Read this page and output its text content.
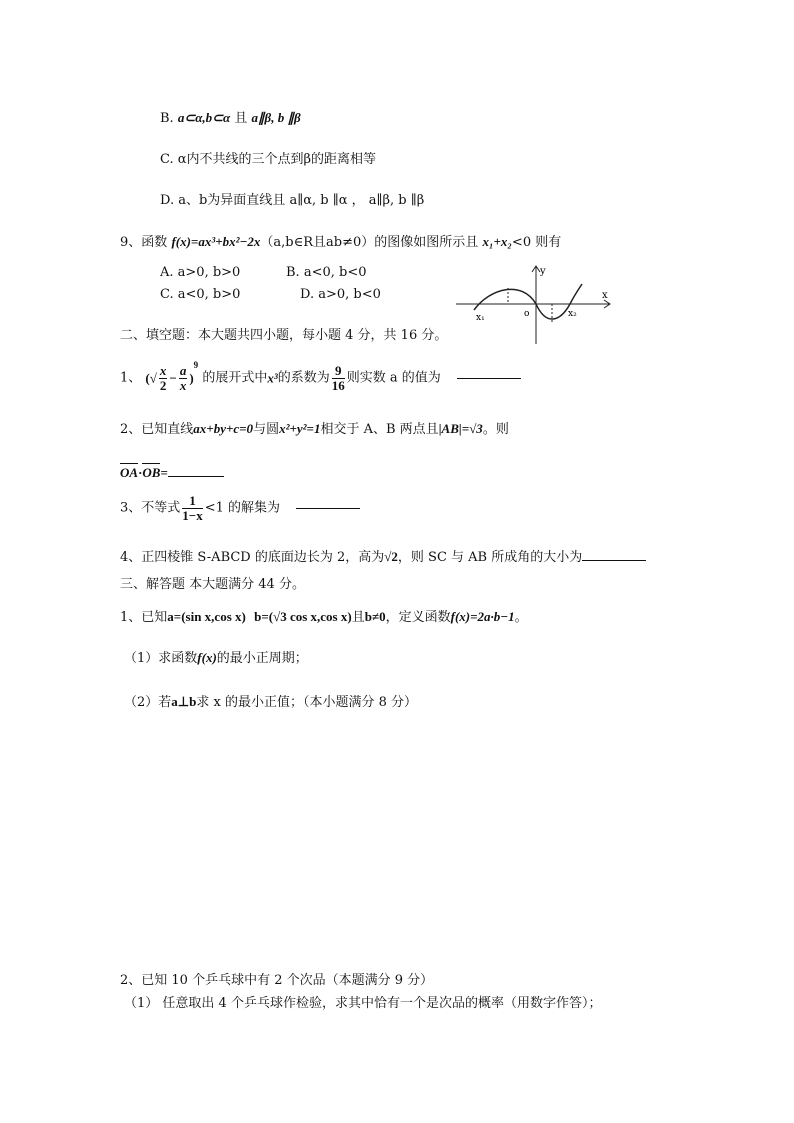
B. a⊂α,b⊂α 且 a∥β, b ∥β
C. α内不共线的三个点到β的距离相等
D. a、b为异面直线且 a∥α, b ∥α ， a∥β, b ∥β
9、函数 f(x)=ax³+bx²−2x（a,b∈R且ab≠0）的图像如图所示且 x₁+x₂<0 则有
A. a>0, b>0	B. a<0, b<0
C. a<0, b>0	D. a>0, b<0
y
x
o
x₁	x₂
二、填空题：本大题共四小题，每小题 4 分，共 16 分。
1、 (√ $\frac{x}{2} - \frac{a}{x} )^9$ 的展开式中x³的系数为 $\frac{9}{16}$ 则实数 a 的值为
2、已知直线ax+by+c=0与圆x²+y²=1相交于 A、B 两点且|AB|=√3。则
OA·OB=
3、不等式 $\frac{1}{1-x} <1$ 的解集为
4、正四棱锥 S-ABCD 的底面边长为 2，高为√2，则 SC 与 AB 所成角的大小为
三、解答题 本大题满分 44 分。
1、已知a=(sin x,cos x) b=(√3 cos x,cos x)且b≠0，定义函数f(x)=2a·b−1。
（1）求函数f(x)的最小正周期；
（2）若a⊥b求 x 的最小正值；（本小题满分 8 分）
2、已知 10 个乒乓球中有 2 个次品（本题满分 9 分）
（1） 任意取出 4 个乒乓球作检验，求其中恰有一个是次品的概率（用数字作答）；
